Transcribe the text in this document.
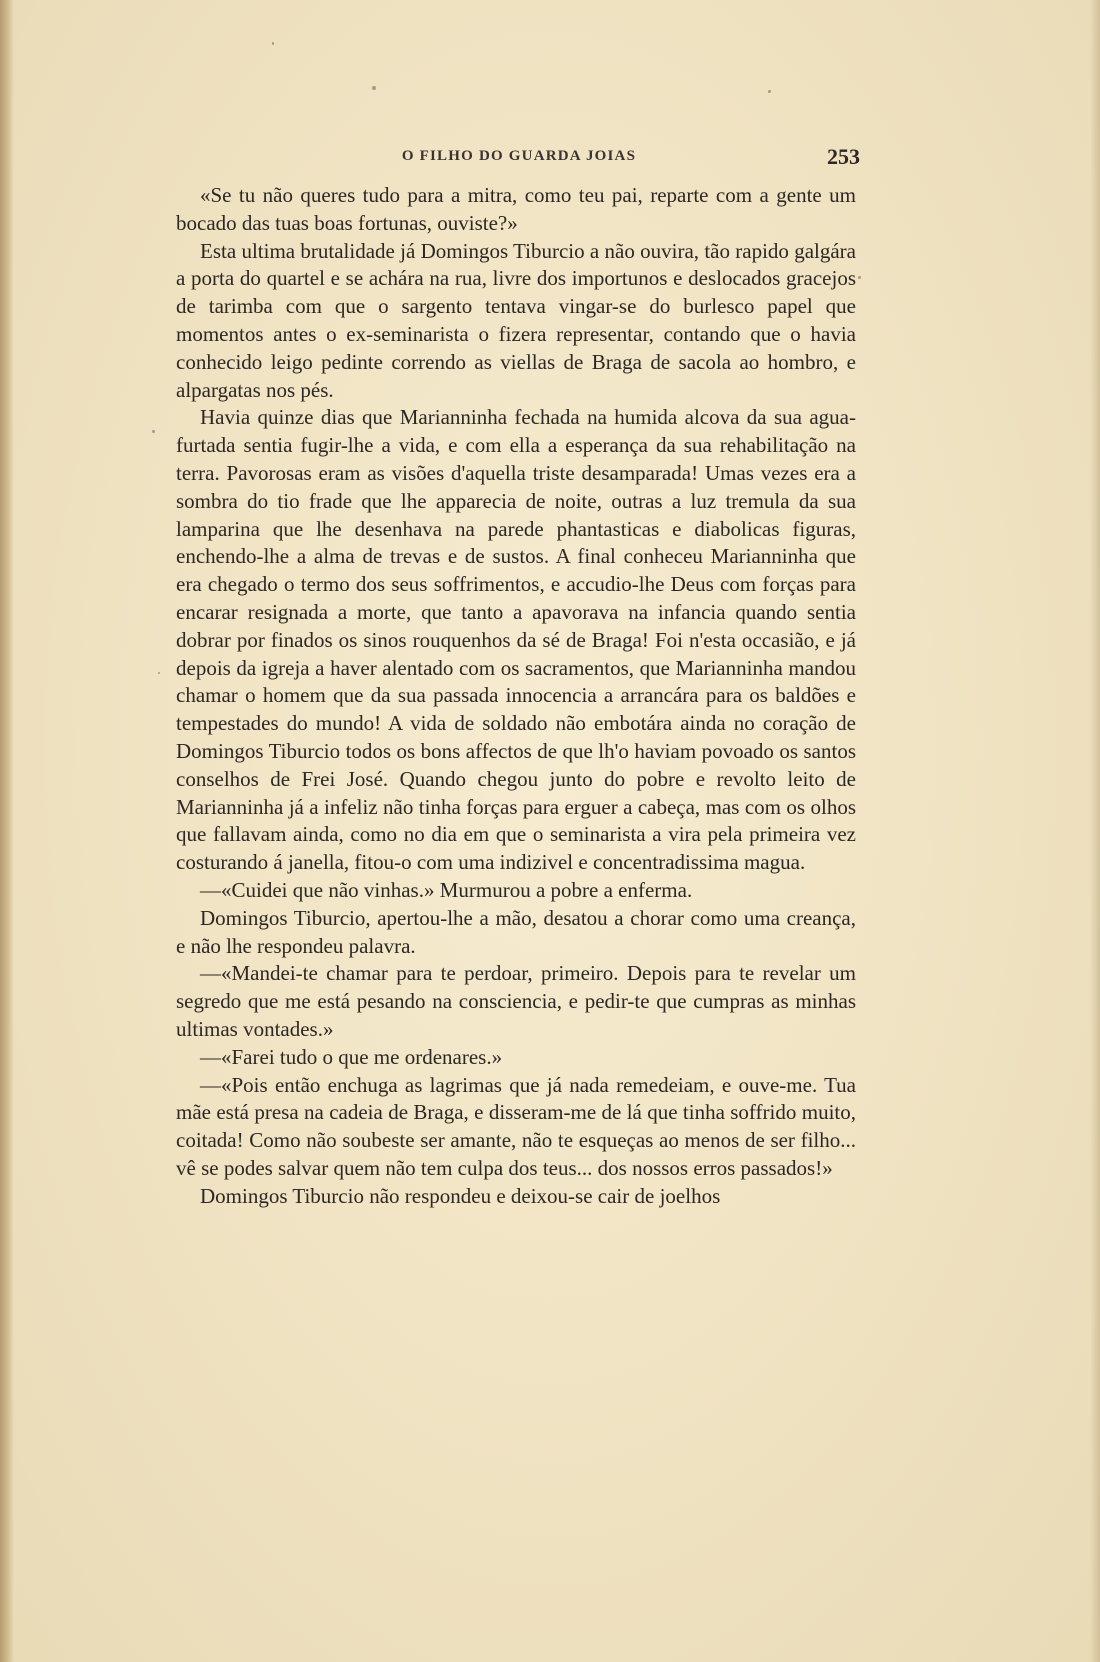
O FILHO DO GUARDA JOIAS	253

«Se tu não queres tudo para a mitra, como teu pai, reparte com a gente um bocado das tuas boas fortunas, ouviste?»

Esta ultima brutalidade já Domingos Tiburcio a não ouvira, tão rapido galgára a porta do quartel e se achára na rua, livre dos importunos e deslocados gracejos de tarimba com que o sargento tentava vingar-se do burlesco papel que momentos antes o ex-seminarista o fizera representar, contando que o havia conhecido leigo pedinte correndo as viellas de Braga de sacola ao hombro, e alpargatas nos pés.

Havia quinze dias que Marianninha fechada na humida alcova da sua agua-furtada sentia fugir-lhe a vida, e com ella a esperança da sua rehabilitação na terra. Pavorosas eram as visões d'aquella triste desamparada! Umas vezes era a sombra do tio frade que lhe apparecia de noite, outras a luz tremula da sua lamparina que lhe desenhava na parede phantasticas e diabolicas figuras, enchendo-lhe a alma de trevas e de sustos. A final conheceu Marianninha que era chegado o termo dos seus soffrimentos, e accudio-lhe Deus com forças para encarar resignada a morte, que tanto a apavorava na infancia quando sentia dobrar por finados os sinos rouquenhos da sé de Braga! Foi n'esta occasião, e já depois da igreja a haver alentado com os sacramentos, que Marianninha mandou chamar o homem que da sua passada innocencia a arrancára para os baldões e tempestades do mundo! A vida de soldado não embotára ainda no coração de Domingos Tiburcio todos os bons affectos de que lh'o haviam povoado os santos conselhos de Frei José. Quando chegou junto do pobre e revolto leito de Marianninha já a infeliz não tinha forças para erguer a cabeça, mas com os olhos que fallavam ainda, como no dia em que o seminarista a vira pela primeira vez costurando á janella, fitou-o com uma indizivel e concentradissima magua.

—«Cuidei que não vinhas.» Murmurou a pobre a enferma.

Domingos Tiburcio, apertou-lhe a mão, desatou a chorar como uma creança, e não lhe respondeu palavra.

—«Mandei-te chamar para te perdoar, primeiro. Depois para te revelar um segredo que me está pesando na consciencia, e pedir-te que cumpras as minhas ultimas vontades.»

—«Farei tudo o que me ordenares.»

—«Pois então enchuga as lagrimas que já nada remedeiam, e ouve-me. Tua mãe está presa na cadeia de Braga, e disseram-me de lá que tinha soffrido muito, coitada! Como não soubeste ser amante, não te esqueças ao menos de ser filho... vê se podes salvar quem não tem culpa dos teus... dos nossos erros passados!»

Domingos Tiburcio não respondeu e deixou-se cair de joelhos
